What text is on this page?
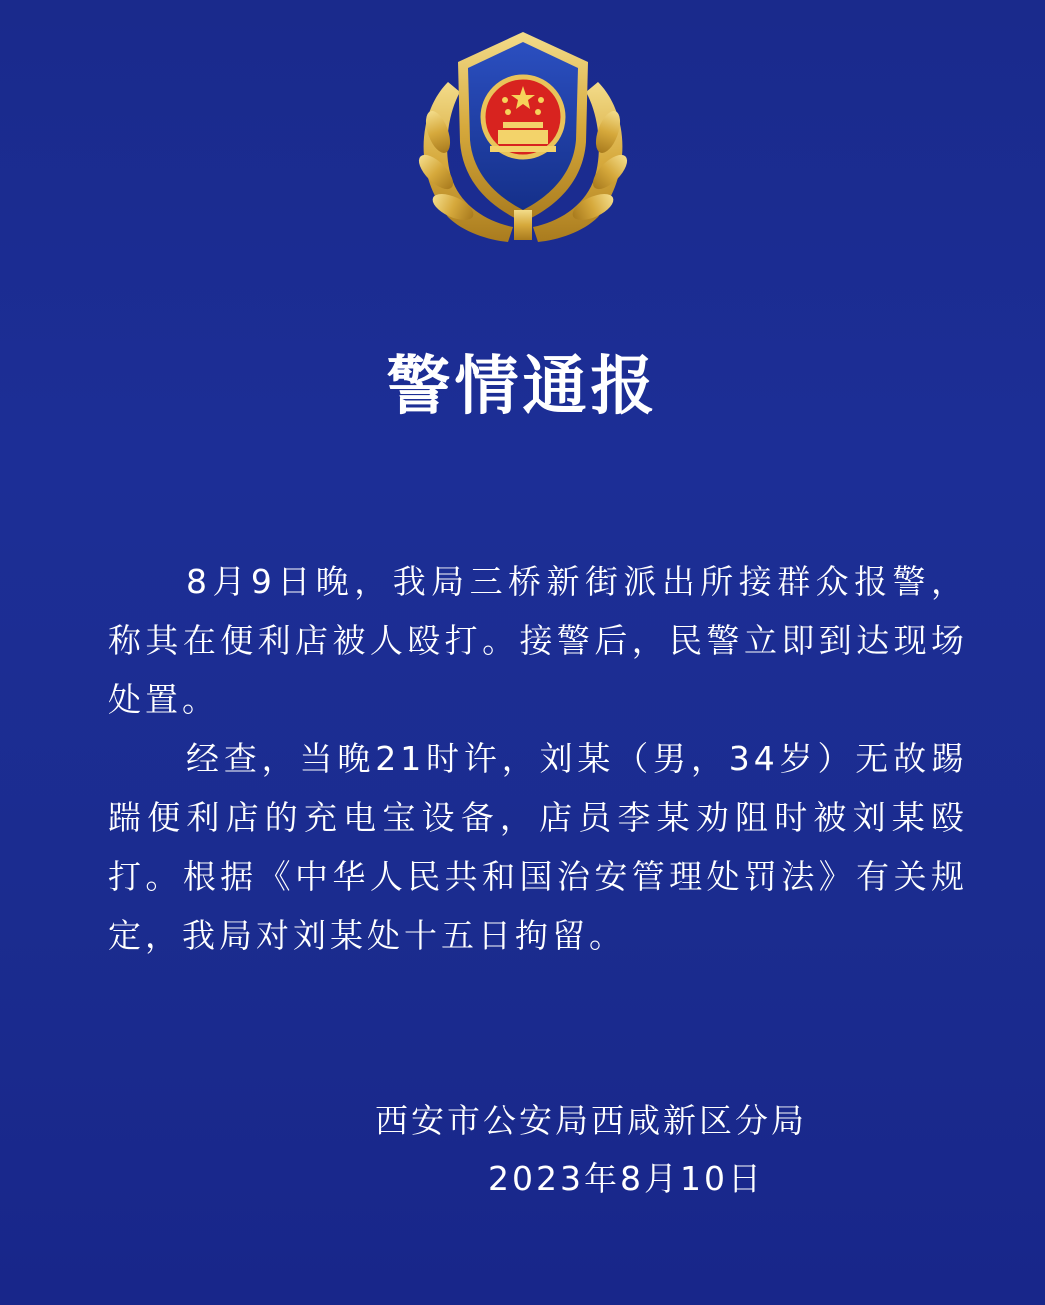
警情通报

8月9日晚，我局三桥新街派出所接群众报警，称其在便利店被人殴打。接警后，民警立即到达现场处置。

经查，当晚21时许，刘某（男，34岁）无故踢踹便利店的充电宝设备，店员李某劝阻时被刘某殴打。根据《中华人民共和国治安管理处罚法》有关规定，我局对刘某处十五日拘留。

西安市公安局西咸新区分局
2023年8月10日
